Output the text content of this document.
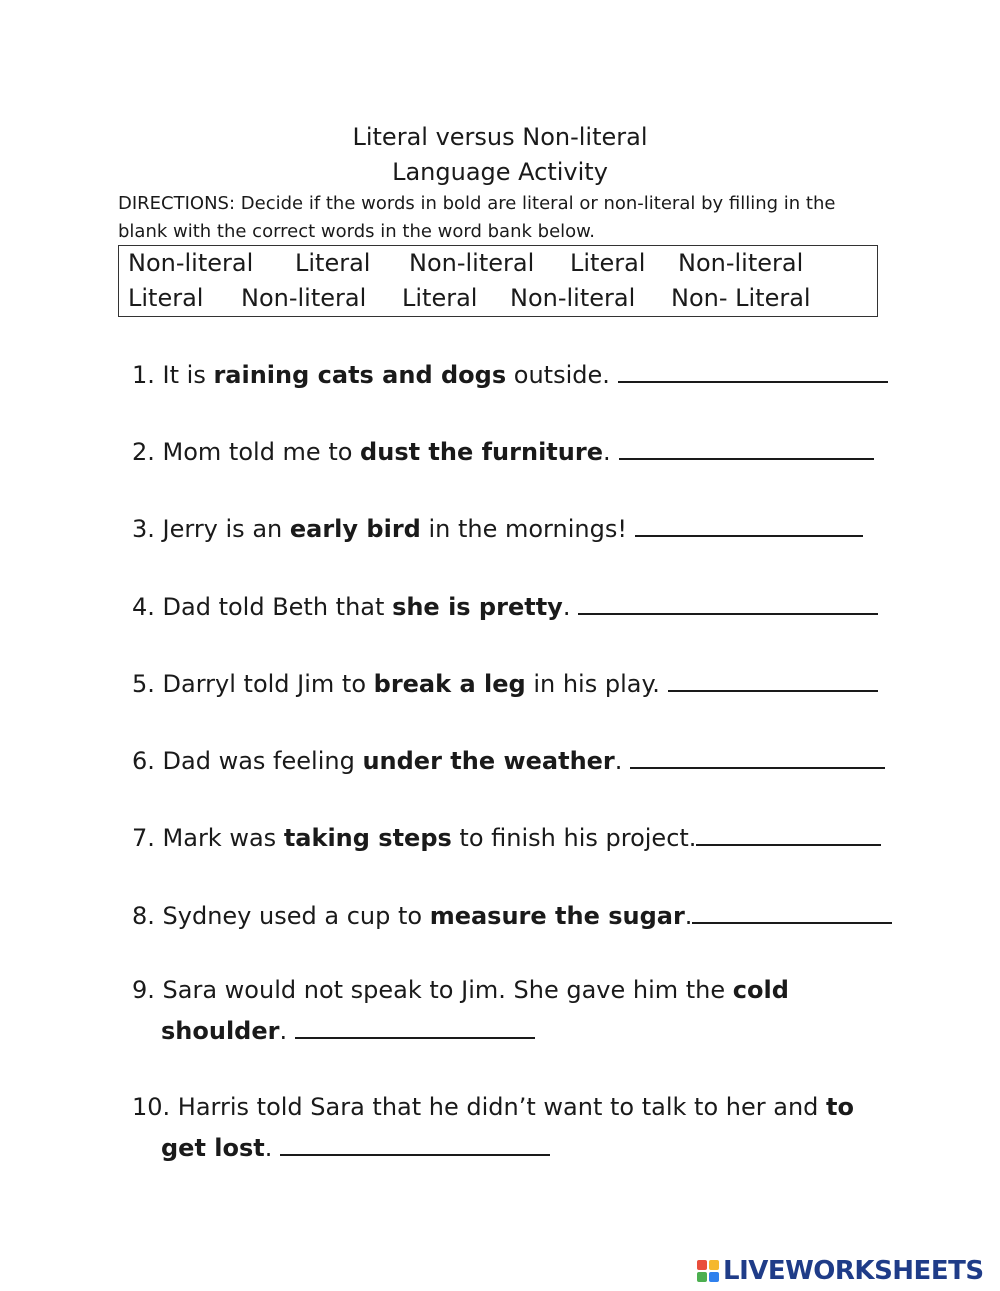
Literal versus Non-literal
Language Activity
DIRECTIONS: Decide if the words in bold are literal or non-literal by filling in the blank with the correct words in the word bank below.
Non-literal Literal Non-literal Literal Non-literal
Literal Non-literal Literal Non-literal Non- Literal
1. It is raining cats and dogs outside.
2. Mom told me to dust the furniture.
3. Jerry is an early bird in the mornings!
4. Dad told Beth that she is pretty.
5. Darryl told Jim to break a leg in his play.
6. Dad was feeling under the weather.
7. Mark was taking steps to finish his project.
8. Sydney used a cup to measure the sugar.
9. Sara would not speak to Jim. She gave him the cold
shoulder.
10. Harris told Sara that he didn’t want to talk to her and to
get lost.
LIVEWORKSHEETS
